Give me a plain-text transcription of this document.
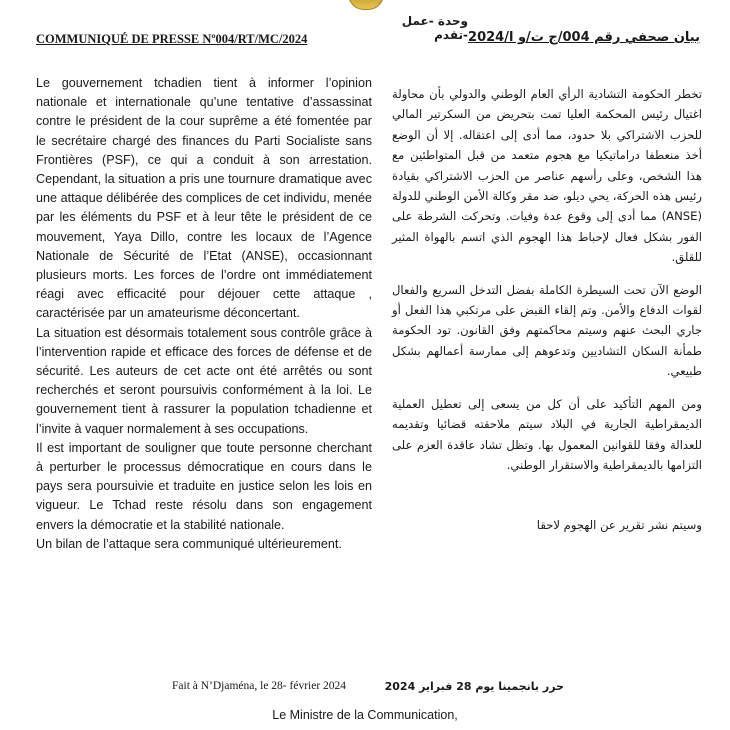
وحدة -عمل -تقدم
COMMUNIQUÉ DE PRESSE Nº004/RT/MC/2024	بيان صحفي رقم 004/ج ت/و ا/2024

Le gouvernement tchadien tient à informer l’opinion nationale et internationale qu’une tentative d’assassinat contre le président de la cour suprême a été fomentée par le secrétaire chargé des finances du Parti Socialiste sans Frontières (PSF), ce qui a conduit à son arrestation. Cependant, la situation a pris une tournure dramatique avec une attaque délibérée des complices de cet individu, menée par les éléments du PSF et à leur tête le président de ce mouvement, Yaya Dillo, contre les locaux de l’Agence Nationale de Sécurité de l’Etat (ANSE), occasionnant plusieurs morts. Les forces de l’ordre ont immédiatement réagi avec efficacité pour déjouer cette attaque , caractérisée par un amateurisme déconcertant.

La situation est désormais totalement sous contrôle grâce à l’intervention rapide et efficace des forces de défense et de sécurité. Les auteurs de cet acte ont été arrêtés ou sont recherchés et seront poursuivis conformément à la loi. Le gouvernement tient à rassurer la population tchadienne et l’invite à vaquer normalement à ses occupations.

Il est important de souligner que toute personne cherchant à perturber le processus démocratique en cours dans le pays sera poursuivie et traduite en justice selon les lois en vigueur. Le Tchad reste résolu dans son engagement envers la démocratie et la stabilité nationale.

Un bilan de l’attaque sera communiqué ultérieurement.

تخطر الحكومة التشادية الرأي العام الوطني والدولي بأن محاولة اغتيال رئيس المحكمة العليا تمت بتحريض من السكرتير المالي للحزب الاشتراكي بلا حدود، مما أدى إلى اعتقاله. إلا أن الوضع أخذ منعطفا دراماتيكيا مع هجوم متعمد من قبل المتواطئين مع هذا الشخص، وعلى رأسهم عناصر من الحزب الاشتراكي بقيادة رئيس هذه الحركة، يحي ديلو، ضد مقر وكالة الأمن الوطني للدولة (ANSE) مما أدى إلى وقوع عدة وفيات. وتحركت الشرطة على الفور بشكل فعال لإحباط هذا الهجوم الذي اتسم بالهواة المثير للقلق.

الوضع الآن تحت السيطرة الكاملة بفضل التدخل السريع والفعال لقوات الدفاع والأمن. وتم إلقاء القبض على مرتكبي هذا الفعل أو جاري البحث عنهم وسيتم محاكمتهم وفق القانون. تود الحكومة طمأنة السكان التشاديين وتدعوهم إلى ممارسة أعمالهم بشكل طبيعي.

ومن المهم التأكيد على أن كل من يسعى إلى تعطيل العملية الديمقراطية الجارية في البلاد سيتم ملاحقته قضائيا وتقديمه للعدالة وفقا للقوانين المعمول بها. وتظل تشاد عاقدة العزم على التزامها بالديمقراطية والاستقرار الوطني.

وسيتم نشر تقرير عن الهجوم لاحقا

Fait à N’Djaména, le 28- février 2024	حرر بانجمينا يوم 28 فبراير 2024
Le Ministre de la Communication,
